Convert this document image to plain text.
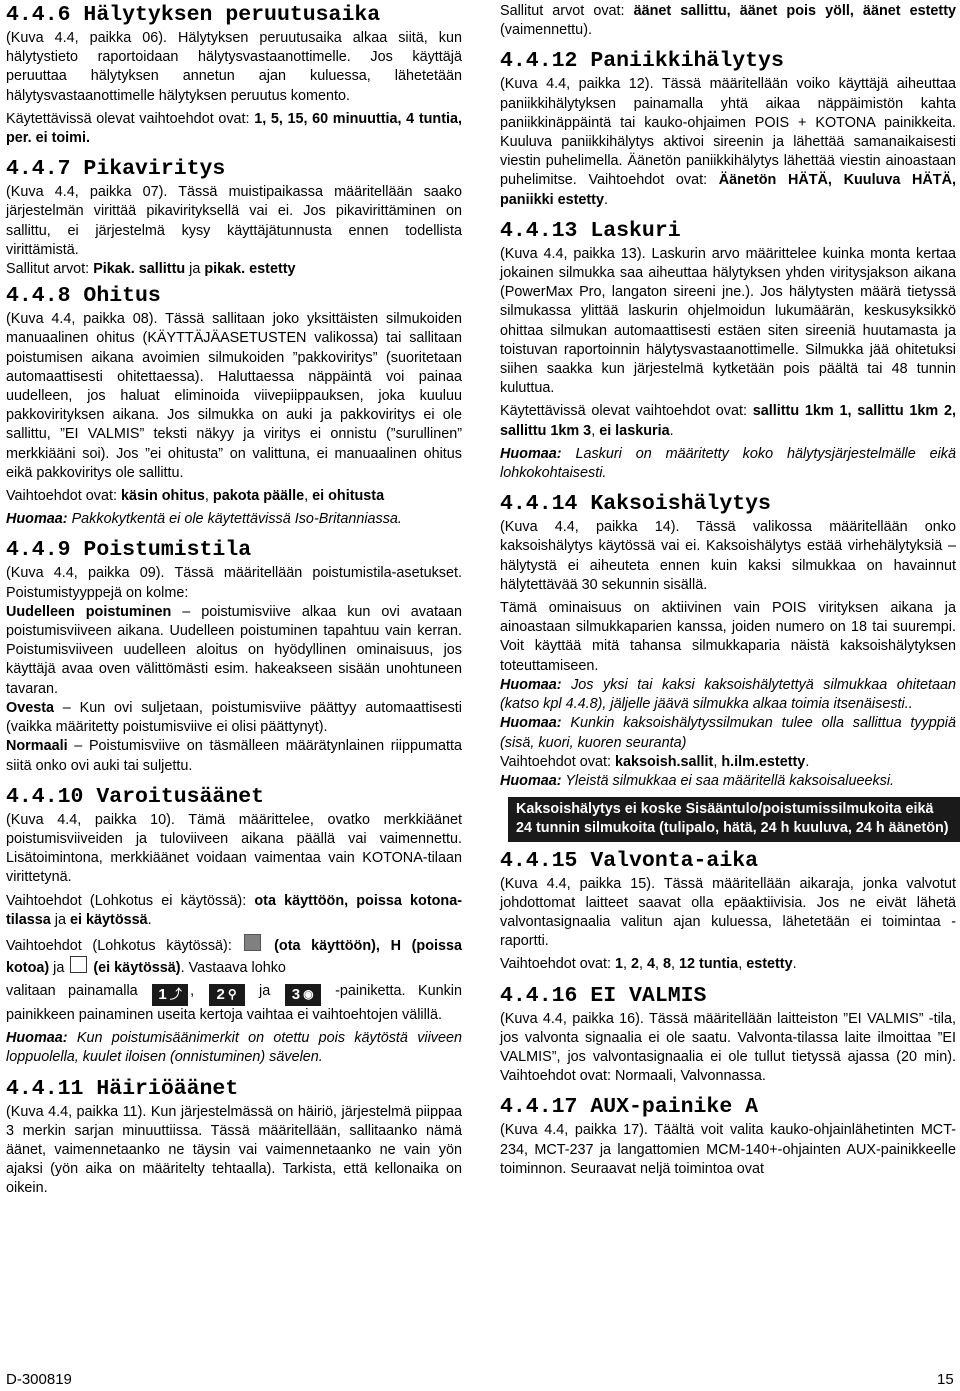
4.4.6 Hälytyksen peruutusaika

(Kuva 4.4, paikka 06). Hälytyksen peruutusaika alkaa siitä, kun hälytystieto raportoidaan hälytysvastaanottimelle. Jos käyttäjä peruuttaa hälytyksen annetun ajan kuluessa, lähetetään hälytysvastaanottimelle hälytyksen peruutus komento.

Käytettävissä olevat vaihtoehdot ovat: 1, 5, 15, 60 minuuttia, 4 tuntia, per. ei toimi.

4.4.7 Pikaviritys

(Kuva 4.4, paikka 07). Tässä muistipaikassa määritellään saako järjestelmän virittää pikavirityksellä vai ei. Jos pikavirittäminen on sallittu, ei järjestelmä kysy käyttäjätunnusta ennen todellista virittämistä.

Sallitut arvot: Pikak. sallittu ja pikak. estetty

4.4.8 Ohitus

(Kuva 4.4, paikka 08). Tässä sallitaan joko yksittäisten silmukoiden manuaalinen ohitus (KÄYTTÄJÄASETUSTEN valikossa) tai sallitaan poistumisen aikana avoimien silmukoiden ”pakkoviritys” (suoritetaan automaattisesti ohitettaessa). Haluttaessa näppäintä voi painaa uudelleen, jos haluat eliminoida viivepiippauksen, joka kuuluu pakkovirityksen aikana. Jos silmukka on auki ja pakkoviritys ei ole sallittu, ”EI VALMIS” teksti näkyy ja viritys ei onnistu (”surullinen” merkkiääni soi). Jos ”ei ohitusta” on valittuna, ei manuaalinen ohitus eikä pakkoviritys ole sallittu.

Vaihtoehdot ovat: käsin ohitus, pakota päälle, ei ohitusta

Huomaa: Pakkokytkentä ei ole käytettävissä Iso-Britanniassa.

4.4.9 Poistumistila

(Kuva 4.4, paikka 09). Tässä määritellään poistumistila-asetukset. Poistumistyyppejä on kolme:

Uudelleen poistuminen – poistumisviive alkaa kun ovi avataan poistumisviiveen aikana. Uudelleen poistuminen tapahtuu vain kerran. Poistumisviiveen uudelleen aloitus on hyödyllinen ominaisuus, jos käyttäjä avaa oven välittömästi esim. hakeakseen sisään unohtuneen tavaran.

Ovesta – Kun ovi suljetaan, poistumisviive päättyy automaattisesti (vaikka määritetty poistumisviive ei olisi päättynyt).

Normaali – Poistumisviive on täsmälleen määrätynlainen riippumatta siitä onko ovi auki tai suljettu.

4.4.10 Varoitusäänet

(Kuva 4.4, paikka 10). Tämä määrittelee, ovatko merkkiäänet poistumisviiveiden ja tuloviiveen aikana päällä vai vaimennettu. Lisätoimintona, merkkiäänet voidaan vaimentaa vain KOTONA-tilaan virittetynä.

Vaihtoehdot (Lohkotus ei käytössä): ota käyttöön, poissa kotona-tilassa ja ei käytössä.

Vaihtoehdot (Lohkotus käytössä):  (ota käyttöön), H (poissa kotoa) ja  (ei käytössä). Vastaava lohko

valitaan painamalla 1 ⤴ , 2 ⚲ ja 3 ◉ -painiketta. Kunkin painikkeen painaminen useita kertoja vaihtaa ei vaihtoehtojen välillä.

Huomaa: Kun poistumisäänimerkit on otettu pois käytöstä viiveen loppuolella, kuulet iloisen (onnistuminen) sävelen.

4.4.11 Häiriöäänet

(Kuva 4.4, paikka 11). Kun järjestelmässä on häiriö, järjestelmä piippaa 3 merkin sarjan minuuttiissa. Tässä määritellään, sallitaanko nämä äänet, vaimennetaanko ne täysin vai vaimennetaanko ne vain yön ajaksi (yön aika on määritelty tehtaalla). Tarkista, että kellonaika on oikein.

Sallitut arvot ovat: äänet sallittu, äänet pois yöll, äänet estetty (vaimennettu).

4.4.12 Paniikkihälytys

(Kuva 4.4, paikka 12). Tässä määritellään voiko käyttäjä aiheuttaa paniikkihälytyksen painamalla yhtä aikaa näppäimistön kahta paniikkinäppäintä tai kauko-ohjaimen POIS + KOTONA painikkeita. Kuuluva paniikkihälytys aktivoi sireenin ja lähettää samanaikaisesti viestin puhelimella. Äänetön paniikkihälytys lähettää viestin ainoastaan puhelimitse. Vaihtoehdot ovat: Äänetön HÄTÄ, Kuuluva HÄTÄ, paniikki estetty.

4.4.13 Laskuri

(Kuva 4.4, paikka 13). Laskurin arvo määrittelee kuinka monta kertaa jokainen silmukka saa aiheuttaa hälytyksen yhden viritysjakson aikana (PowerMax Pro, langaton sireeni jne.). Jos hälytysten määrä tietyssä silmukassa ylittää laskurin ohjelmoidun lukumäärän, keskusyksikkö ohittaa silmukan automaattisesti estäen siten sireeniä huutamasta ja toistuvan raportoinnin hälytysvastaanottimelle. Silmukka jää ohitetuksi siihen saakka kun järjestelmä kytketään pois päältä tai 48 tunnin kuluttua.

Käytettävissä olevat vaihtoehdot ovat: sallittu 1km 1, sallittu 1km 2, sallittu 1km 3, ei laskuria.

Huomaa: Laskuri on määritetty koko hälytysjärjestelmälle eikä lohkokohtaisesti.

4.4.14 Kaksoishälytys

(Kuva 4.4, paikka 14). Tässä valikossa määritellään onko kaksoishälytys käytössä vai ei. Kaksoishälytys estää virhehälytyksiä – hälytystä ei aiheuteta ennen kuin kaksi silmukkaa on havainnut hälytettävää 30 sekunnin sisällä.

Tämä ominaisuus on aktiivinen vain POIS virityksen aikana ja ainoastaan silmukkaparien kanssa, joiden numero on 18 tai suurempi. Voit käyttää mitä tahansa silmukkaparia näistä kaksoishälytyksen toteuttamiseen.

Huomaa: Jos yksi tai kaksi kaksoishälytettyä silmukkaa ohitetaan (katso kpl 4.4.8), jäljelle jäävä silmukka alkaa toimia itsenäisesti..

Huomaa: Kunkin kaksoishälytyssilmukan tulee olla sallittua tyyppiä (sisä, kuori, kuoren seuranta)

Vaihtoehdot ovat: kaksoish.sallit, h.ilm.estetty.

Huomaa: Yleistä silmukkaa ei saa määritellä kaksoisalueeksi.

Kaksoishälytys ei koske Sisääntulo/poistumissilmukoita eikä 24 tunnin silmukoita (tulipalo, hätä, 24 h kuuluva, 24 h äänetön)
4.4.15 Valvonta-aika

(Kuva 4.4, paikka 15). Tässä määritellään aikaraja, jonka valvotut johdottomat laitteet saavat olla epäaktiivisia. Jos ne eivät lähetä valvontasignaalia valitun ajan kuluessa, lähetetään ei toimintaa -raportti.

Vaihtoehdot ovat: 1, 2, 4, 8, 12 tuntia, estetty.

4.4.16 EI VALMIS

(Kuva 4.4, paikka 16). Tässä määritellään laitteiston ”EI VALMIS” -tila, jos valvonta signaalia ei ole saatu. Valvonta-tilassa laite ilmoittaa ”EI VALMIS”, jos valvontasignaalia ei ole tullut tietyssä ajassa (20 min). Vaihtoehdot ovat: Normaali, Valvonnassa.

4.4.17 AUX-painike A

(Kuva 4.4, paikka 17). Täältä voit valita kauko-ohjainlähetinten MCT-234, MCT-237 ja langattomien MCM-140+-ohjainten AUX-painikkeelle toiminnon. Seuraavat neljä toimintoa ovat

D-300819	15
